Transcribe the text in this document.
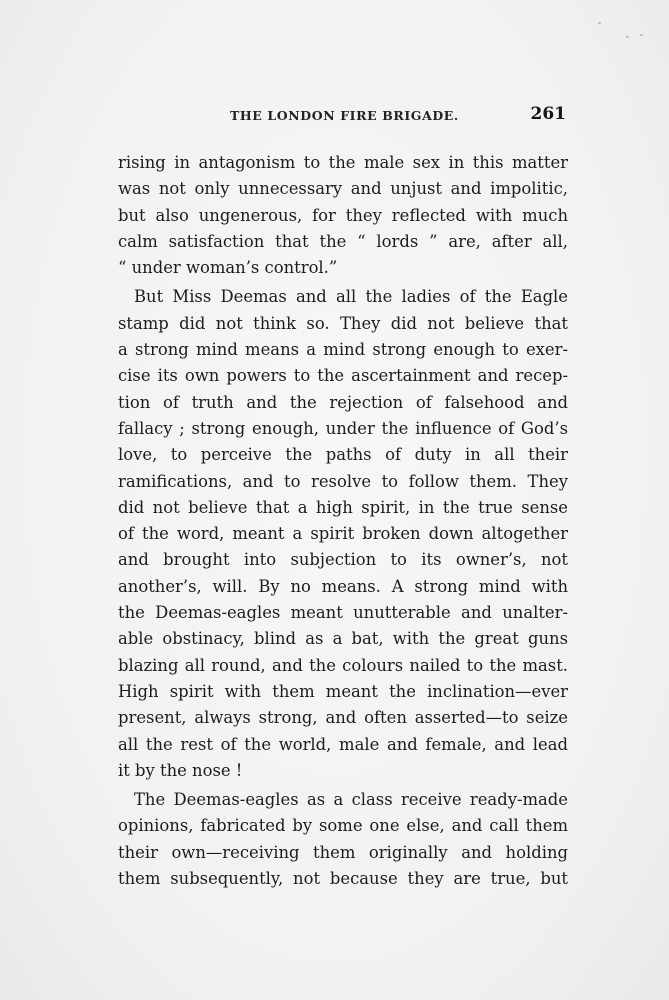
THE LONDON FIRE BRIGADE.	261
rising in antagonism to the male sex in this matter
was not only unnecessary and unjust and impolitic,
but also ungenerous, for they reflected with much
calm satisfaction that the “ lords ” are, after all,
“ under woman’s control.”
But Miss Deemas and all the ladies of the Eagle
stamp did not think so. They did not believe that
a strong mind means a mind strong enough to exer-
cise its own powers to the ascertainment and recep-
tion of truth and the rejection of falsehood and
fallacy ; strong enough, under the influence of God’s
love, to perceive the paths of duty in all their
ramifications, and to resolve to follow them. They
did not believe that a high spirit, in the true sense
of the word, meant a spirit broken down altogether
and brought into subjection to its owner’s, not
another’s, will. By no means. A strong mind with
the Deemas-eagles meant unutterable and unalter-
able obstinacy, blind as a bat, with the great guns
blazing all round, and the colours nailed to the mast.
High spirit with them meant the inclination—ever
present, always strong, and often asserted—to seize
all the rest of the world, male and female, and lead
it by the nose !
The Deemas-eagles as a class receive ready-made
opinions, fabricated by some one else, and call them
their own—receiving them originally and holding
them subsequently, not because they are true, but
